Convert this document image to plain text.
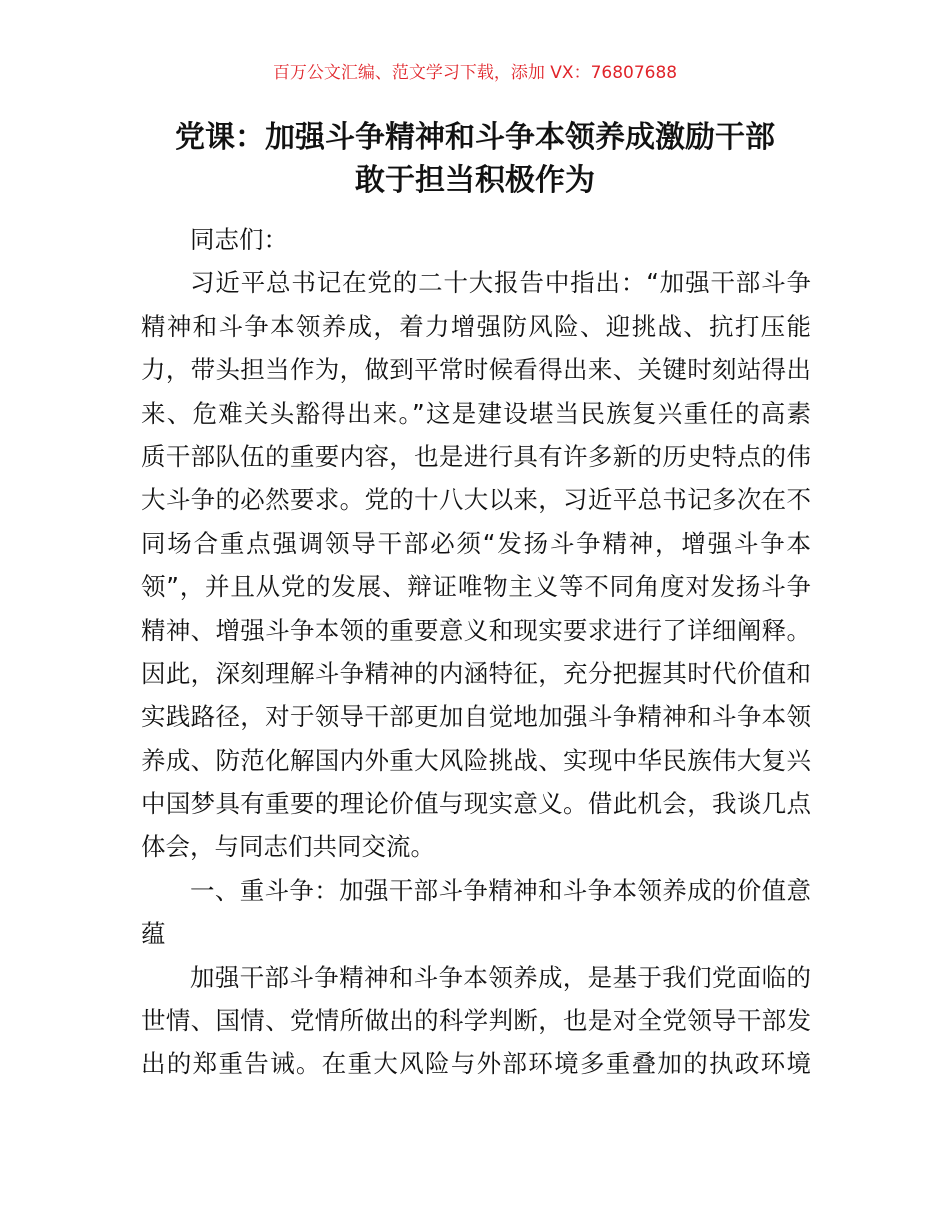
百万公文汇编、范文学习下载，添加 VX：76807688
党课：加强斗争精神和斗争本领养成激励干部
敢于担当积极作为
同志们：
习近平总书记在党的二十大报告中指出：“加强干部斗争
精神和斗争本领养成，着力增强防风险、迎挑战、抗打压能
力，带头担当作为，做到平常时候看得出来、关键时刻站得出
来、危难关头豁得出来。”这是建设堪当民族复兴重任的高素
质干部队伍的重要内容，也是进行具有许多新的历史特点的伟
大斗争的必然要求。党的十八大以来，习近平总书记多次在不
同场合重点强调领导干部必须“发扬斗争精神，增强斗争本
领”，并且从党的发展、辩证唯物主义等不同角度对发扬斗争
精神、增强斗争本领的重要意义和现实要求进行了详细阐释。
因此，深刻理解斗争精神的内涵特征，充分把握其时代价值和
实践路径，对于领导干部更加自觉地加强斗争精神和斗争本领
养成、防范化解国内外重大风险挑战、实现中华民族伟大复兴
中国梦具有重要的理论价值与现实意义。借此机会，我谈几点
体会，与同志们共同交流。
一、重斗争：加强干部斗争精神和斗争本领养成的价值意
蕴
加强干部斗争精神和斗争本领养成，是基于我们党面临的
世情、国情、党情所做出的科学判断，也是对全党领导干部发
出的郑重告诫。在重大风险与外部环境多重叠加的执政环境
